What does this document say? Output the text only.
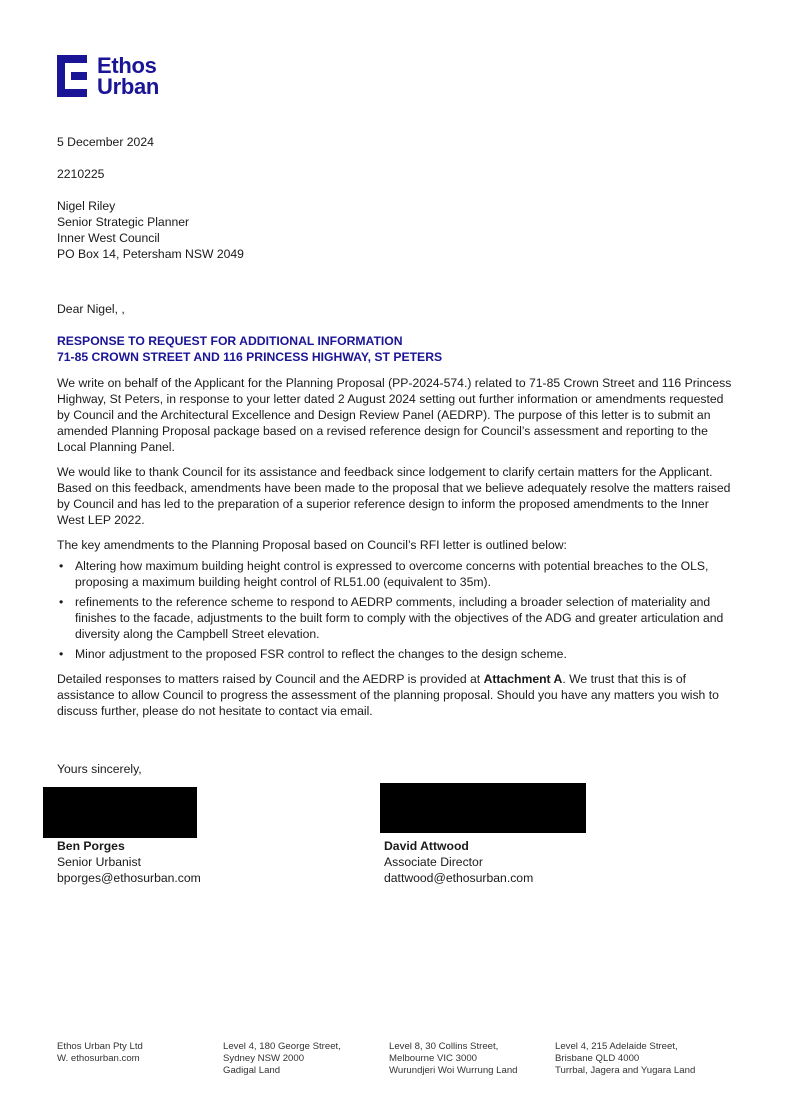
Ethos
Urban
5 December 2024
2210225
Nigel Riley
Senior Strategic Planner
Inner West Council
PO Box 14, Petersham NSW 2049
Dear Nigel, ,
RESPONSE TO REQUEST FOR ADDITIONAL INFORMATION
71-85 CROWN STREET AND 116 PRINCESS HIGHWAY, ST PETERS

We write on behalf of the Applicant for the Planning Proposal (PP-2024-574.) related to 71-85 Crown Street and 116 Princess Highway, St Peters, in response to your letter dated 2 August 2024 setting out further information or amendments requested by Council and the Architectural Excellence and Design Review Panel (AEDRP). The purpose of this letter is to submit an amended Planning Proposal package based on a revised reference design for Council’s assessment and reporting to the Local Planning Panel.

We would like to thank Council for its assistance and feedback since lodgement to clarify certain matters for the Applicant. Based on this feedback, amendments have been made to the proposal that we believe adequately resolve the matters raised by Council and has led to the preparation of a superior reference design to inform the proposed amendments to the Inner West LEP 2022.

The key amendments to the Planning Proposal based on Council’s RFI letter is outlined below:

• Altering how maximum building height control is expressed to overcome concerns with potential breaches to the OLS, proposing a maximum building height control of RL51.00 (equivalent to 35m).
• refinements to the reference scheme to respond to AEDRP comments, including a broader selection of materiality and finishes to the facade, adjustments to the built form to comply with the objectives of the ADG and greater articulation and diversity along the Campbell Street elevation.
• Minor adjustment to the proposed FSR control to reflect the changes to the design scheme.

Detailed responses to matters raised by Council and the AEDRP is provided at Attachment A. We trust that this is of assistance to allow Council to progress the assessment of the planning proposal. Should you have any matters you wish to discuss further, please do not hesitate to contact via email.

Yours sincerely,
Ben Porges
Senior Urbanist
bporges@ethosurban.com
David Attwood
Associate Director
dattwood@ethosurban.com
Ethos Urban Pty Ltd
W. ethosurban.com
Level 4, 180 George Street,
Sydney NSW 2000
Gadigal Land
Level 8, 30 Collins Street,
Melbourne VIC 3000
Wurundjeri Woi Wurrung Land
Level 4, 215 Adelaide Street,
Brisbane QLD 4000
Turrbal, Jagera and Yugara Land
